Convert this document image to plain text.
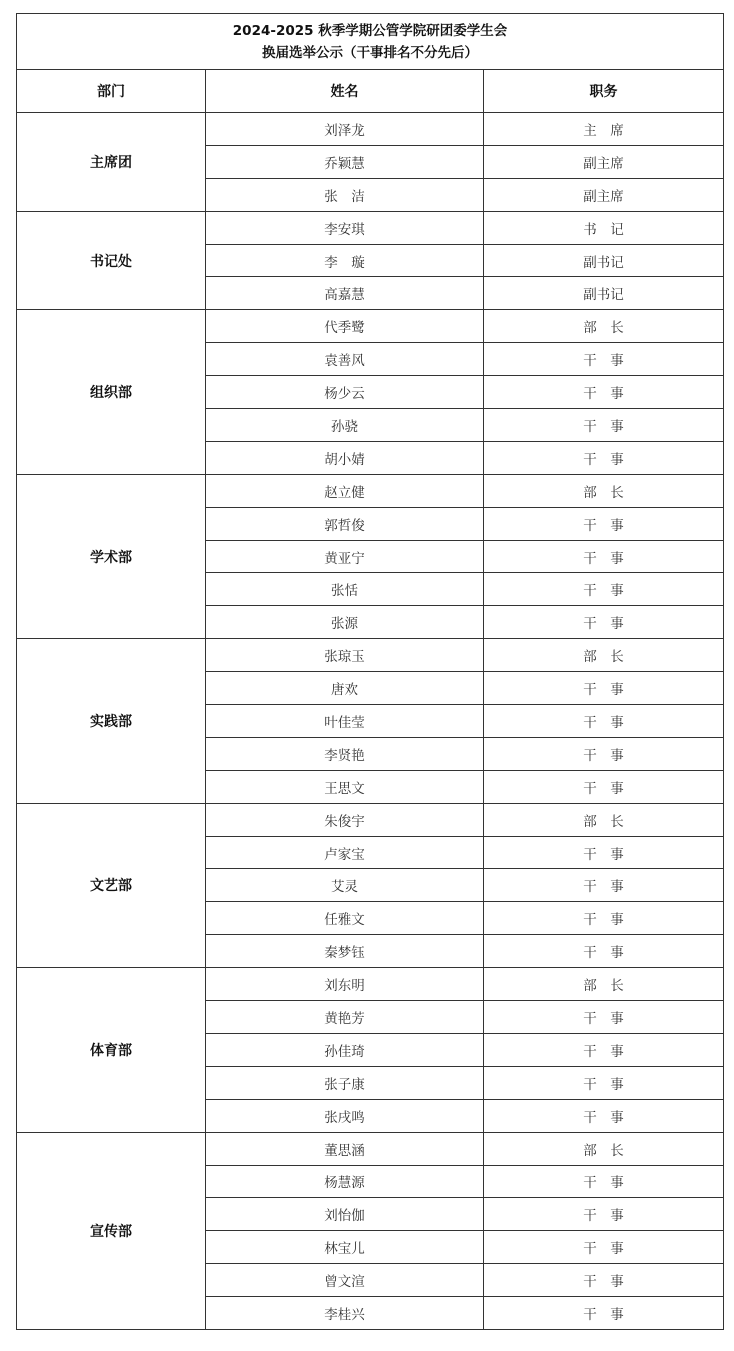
2024-2025 秋季学期公管学院研团委学生会
换届选举公示（干事排名不分先后）		

部门	姓名	职务
主席团	刘泽龙	主　席
	乔颖慧	副主席
	张　洁	副主席
书记处	李安琪	书　记
	李　璇	副书记
	高嘉慧	副书记
组织部	代季鹭	部　长
	袁善风	干　事
	杨少云	干　事
	孙骁	干　事
	胡小婧	干　事
学术部	赵立健	部　长
	郭哲俊	干　事
	黄亚宁	干　事
	张恬	干　事
	张源	干　事
实践部	张琼玉	部　长
	唐欢	干　事
	叶佳莹	干　事
	李贤艳	干　事
	王思文	干　事
文艺部	朱俊宇	部　长
	卢家宝	干　事
	艾灵	干　事
	任雅文	干　事
	秦梦钰	干　事
体育部	刘东明	部　长
	黄艳芳	干　事
	孙佳琦	干　事
	张子康	干　事
	张戌鸣	干　事
宣传部	董思涵	部　长
	杨慧源	干　事
	刘怡伽	干　事
	林宝儿	干　事
	曾文渲	干　事
	李桂兴	干　事
